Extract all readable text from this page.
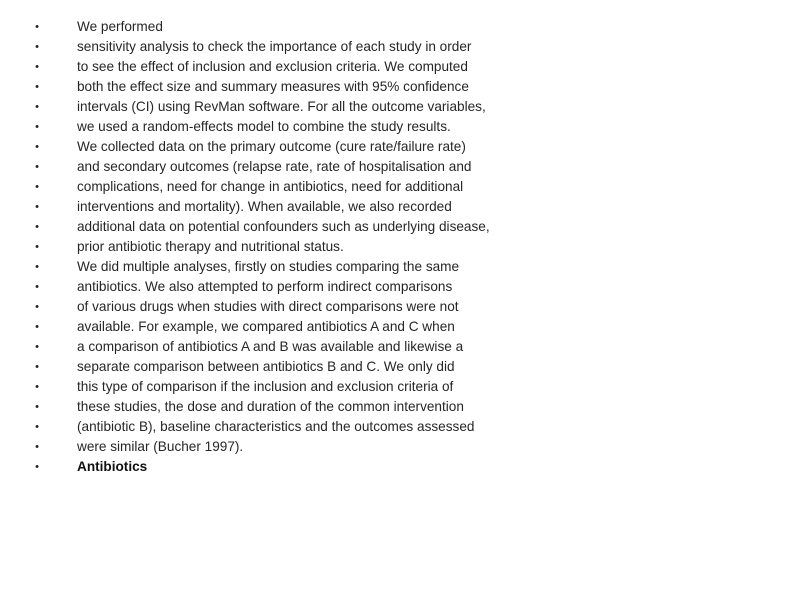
•	We performed
•	sensitivity analysis to check the importance of each study in order
•	to see the effect of inclusion and exclusion criteria. We computed
•	both the effect size and summary measures with 95% confidence
•	intervals (CI) using RevMan software. For all the outcome variables,
•	we used a random-effects model to combine the study results.
•	We collected data on the primary outcome (cure rate/failure rate)
•	and secondary outcomes (relapse rate, rate of hospitalisation and
•	complications, need for change in antibiotics, need for additional
•	interventions and mortality). When available, we also recorded
•	additional data on potential confounders such as underlying disease,
•	prior antibiotic therapy and nutritional status.
•	We did multiple analyses, firstly on studies comparing the same
•	antibiotics. We also attempted to perform indirect comparisons
•	of various drugs when studies with direct comparisons were not
•	available. For example, we compared antibiotics A and C when
•	a comparison of antibiotics A and B was available and likewise a
•	separate comparison between antibiotics B and C. We only did
•	this type of comparison if the inclusion and exclusion criteria of
•	these studies, the dose and duration of the common intervention
•	(antibiotic B), baseline characteristics and the outcomes assessed
•	were similar (Bucher 1997).
•	Antibiotics
